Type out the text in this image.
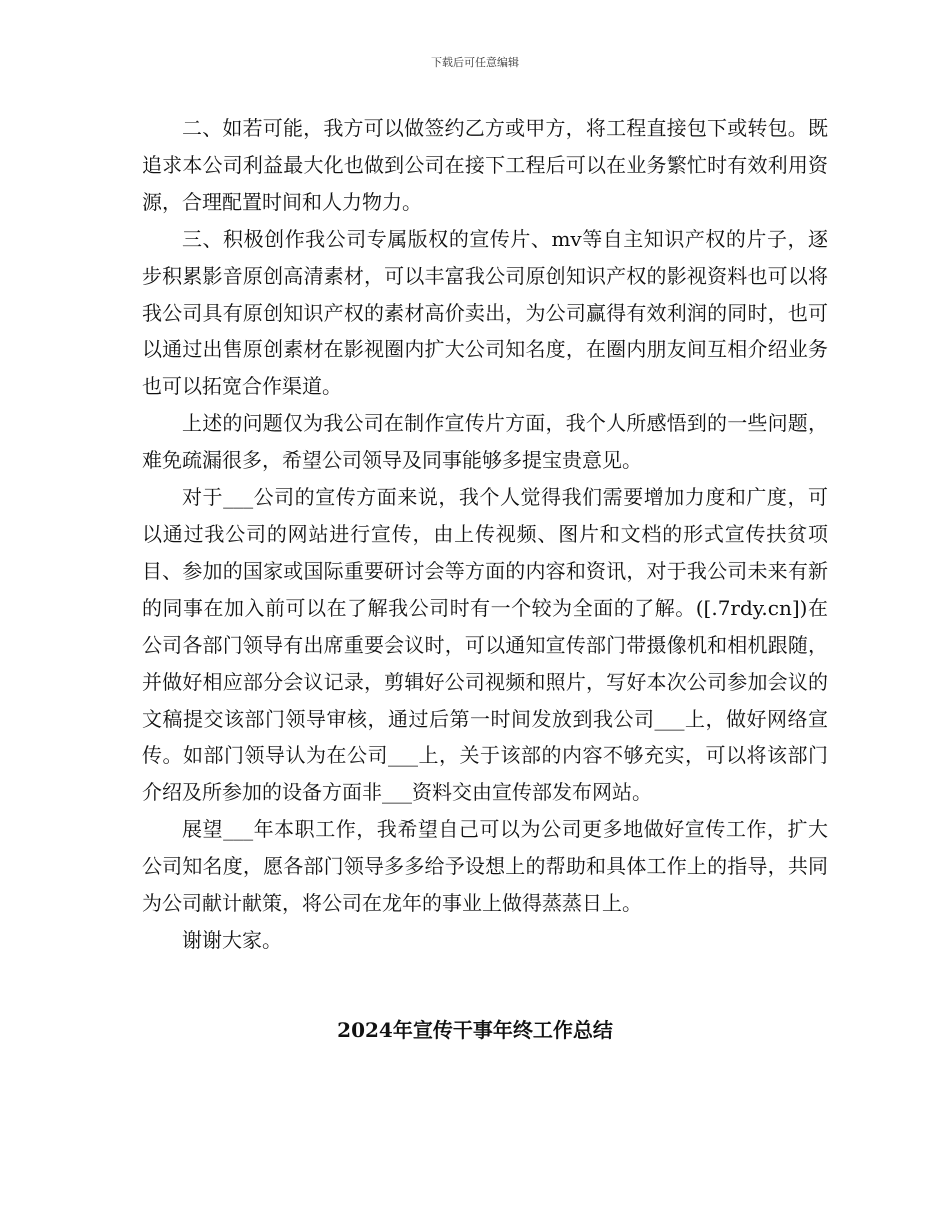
下载后可任意编辑

二、如若可能，我方可以做签约乙方或甲方，将工程直接包下或转包。既追求本公司利益最大化也做到公司在接下工程后可以在业务繁忙时有效利用资源，合理配置时间和人力物力。

三、积极创作我公司专属版权的宣传片、mv等自主知识产权的片子，逐步积累影音原创高清素材，可以丰富我公司原创知识产权的影视资料也可以将我公司具有原创知识产权的素材高价卖出，为公司赢得有效利润的同时，也可以通过出售原创素材在影视圈内扩大公司知名度，在圈内朋友间互相介绍业务也可以拓宽合作渠道。

上述的问题仅为我公司在制作宣传片方面，我个人所感悟到的一些问题，难免疏漏很多，希望公司领导及同事能够多提宝贵意见。

对于___公司的宣传方面来说，我个人觉得我们需要增加力度和广度，可以通过我公司的网站进行宣传，由上传视频、图片和文档的形式宣传扶贫项目、参加的国家或国际重要研讨会等方面的内容和资讯，对于我公司未来有新的同事在加入前可以在了解我公司时有一个较为全面的了解。([.7rdy.cn])在公司各部门领导有出席重要会议时，可以通知宣传部门带摄像机和相机跟随，并做好相应部分会议记录，剪辑好公司视频和照片，写好本次公司参加会议的文稿提交该部门领导审核，通过后第一时间发放到我公司___上，做好网络宣传。如部门领导认为在公司___上，关于该部的内容不够充实，可以将该部门介绍及所参加的设备方面非___资料交由宣传部发布网站。

展望___年本职工作，我希望自己可以为公司更多地做好宣传工作，扩大公司知名度，愿各部门领导多多给予设想上的帮助和具体工作上的指导，共同为公司献计献策，将公司在龙年的事业上做得蒸蒸日上。

谢谢大家。

2024年宣传干事年终工作总结
